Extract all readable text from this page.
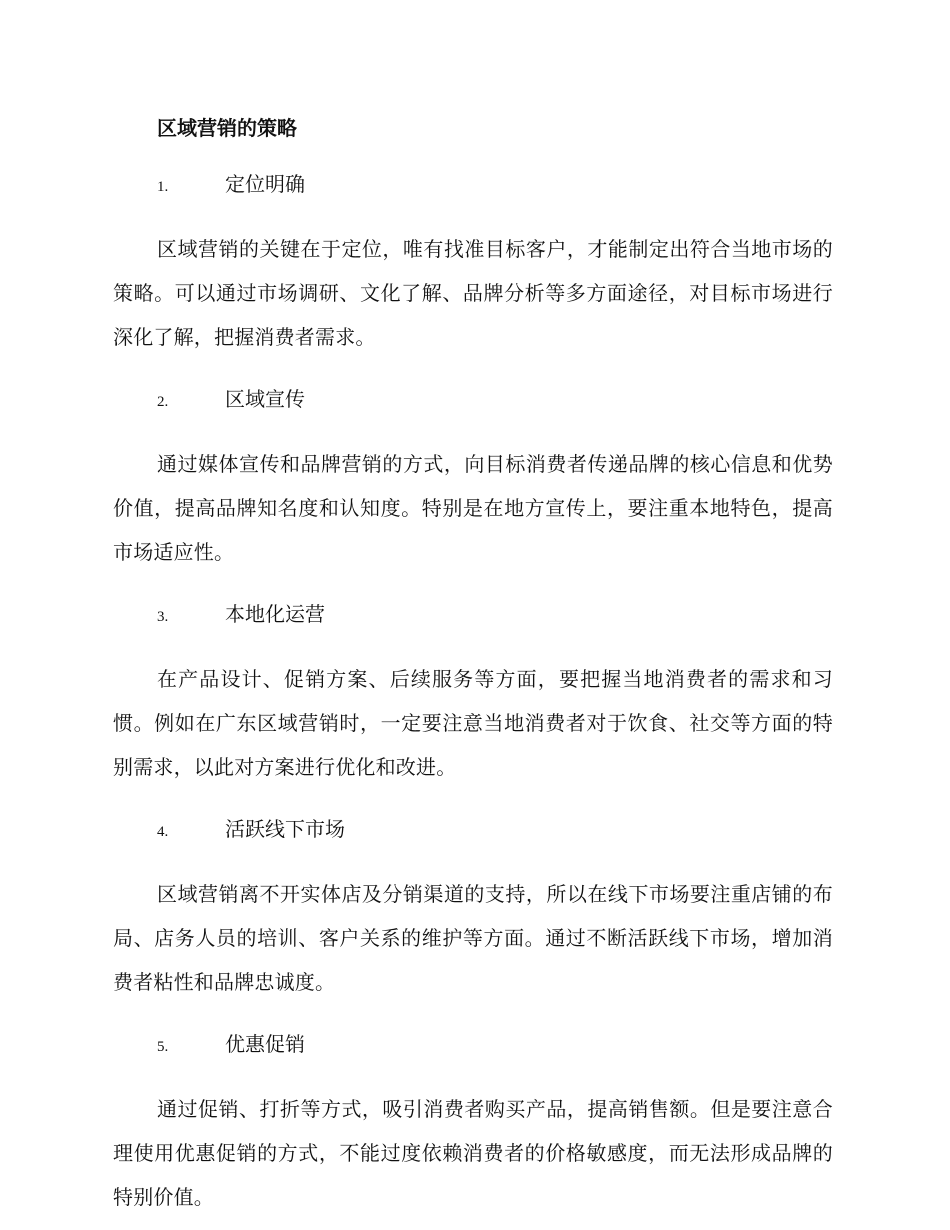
区域营销的策略
1.	定位明确

区域营销的关键在于定位，唯有找准目标客户，才能制定出符合当地市场的策略。可以通过市场调研、文化了解、品牌分析等多方面途径，对目标市场进行深化了解，把握消费者需求。

2.	区域宣传

通过媒体宣传和品牌营销的方式，向目标消费者传递品牌的核心信息和优势价值，提高品牌知名度和认知度。特别是在地方宣传上，要注重本地特色，提高市场适应性。

3.	本地化运营

在产品设计、促销方案、后续服务等方面，要把握当地消费者的需求和习惯。例如在广东区域营销时，一定要注意当地消费者对于饮食、社交等方面的特别需求，以此对方案进行优化和改进。

4.	活跃线下市场

区域营销离不开实体店及分销渠道的支持，所以在线下市场要注重店铺的布局、店务人员的培训、客户关系的维护等方面。通过不断活跃线下市场，增加消费者粘性和品牌忠诚度。

5.	优惠促销

通过促销、打折等方式，吸引消费者购买产品，提高销售额。但是要注意合理使用优惠促销的方式，不能过度依赖消费者的价格敏感度，而无法形成品牌的特别价值。
